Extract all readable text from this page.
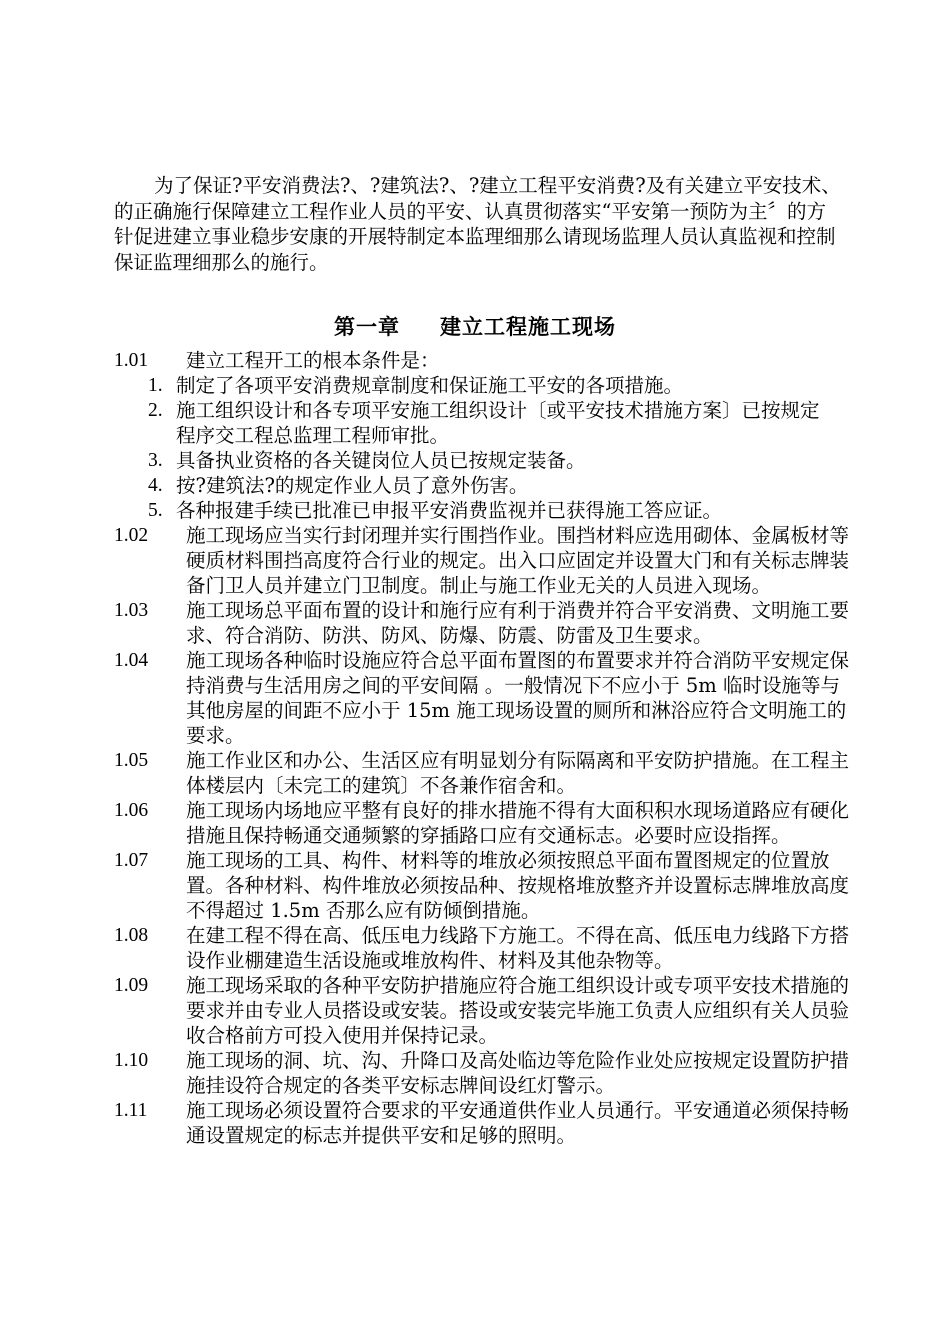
为了保证?平安消费法?、?建筑法?、?建立工程平安消费?及有关建立平安技术、的正确施行保障建立工程作业人员的平安、认真贯彻落实“平安第一预防为主〞的方针促进建立事业稳步安康的开展特制定本监理细那么请现场监理人员认真监视和控制保证监理细那么的施行。

第一章 建立工程施工现场
1.01	建立工程开工的根本条件是：
1. 制定了各项平安消费规章制度和保证施工平安的各项措施。
2. 施工组织设计和各专项平安施工组织设计〔或平安技术措施方案〕已按规定程序交工程总监理工程师审批。
3. 具备执业资格的各关键岗位人员已按规定装备。
4. 按?建筑法?的规定作业人员了意外伤害。
5. 各种报建手续已批准已申报平安消费监视并已获得施工答应证。
1.02	施工现场应当实行封闭理并实行围挡作业。围挡材料应选用砌体、金属板材等硬质材料围挡高度符合行业的规定。出入口应固定并设置大门和有关标志牌装备门卫人员并建立门卫制度。制止与施工作业无关的人员进入现场。
1.03	施工现场总平面布置的设计和施行应有利于消费并符合平安消费、文明施工要求、符合消防、防洪、防风、防爆、防震、防雷及卫生要求。
1.04	施工现场各种临时设施应符合总平面布置图的布置要求并符合消防平安规定保持消费与生活用房之间的平安间隔 。一般情况下不应小于 5m 临时设施等与其他房屋的间距不应小于 15m 施工现场设置的厕所和淋浴应符合文明施工的要求。
1.05	施工作业区和办公、生活区应有明显划分有际隔离和平安防护措施。在工程主体楼层内〔未完工的建筑〕不各兼作宿舍和。
1.06	施工现场内场地应平整有良好的排水措施不得有大面积积水现场道路应有硬化措施且保持畅通交通频繁的穿插路口应有交通标志。必要时应设指挥。
1.07	施工现场的工具、构件、材料等的堆放必须按照总平面布置图规定的位置放置。各种材料、构件堆放必须按品种、按规格堆放整齐并设置标志牌堆放高度不得超过 1.5m 否那么应有防倾倒措施。
1.08	在建工程不得在高、低压电力线路下方施工。不得在高、低压电力线路下方搭设作业棚建造生活设施或堆放构件、材料及其他杂物等。
1.09	施工现场采取的各种平安防护措施应符合施工组织设计或专项平安技术措施的要求并由专业人员搭设或安装。搭设或安装完毕施工负责人应组织有关人员验收合格前方可投入使用并保持记录。
1.10	施工现场的洞、坑、沟、升降口及高处临边等危险作业处应按规定设置防护措施挂设符合规定的各类平安标志牌间设红灯警示。
1.11	施工现场必须设置符合要求的平安通道供作业人员通行。平安通道必须保持畅通设置规定的标志并提供平安和足够的照明。
